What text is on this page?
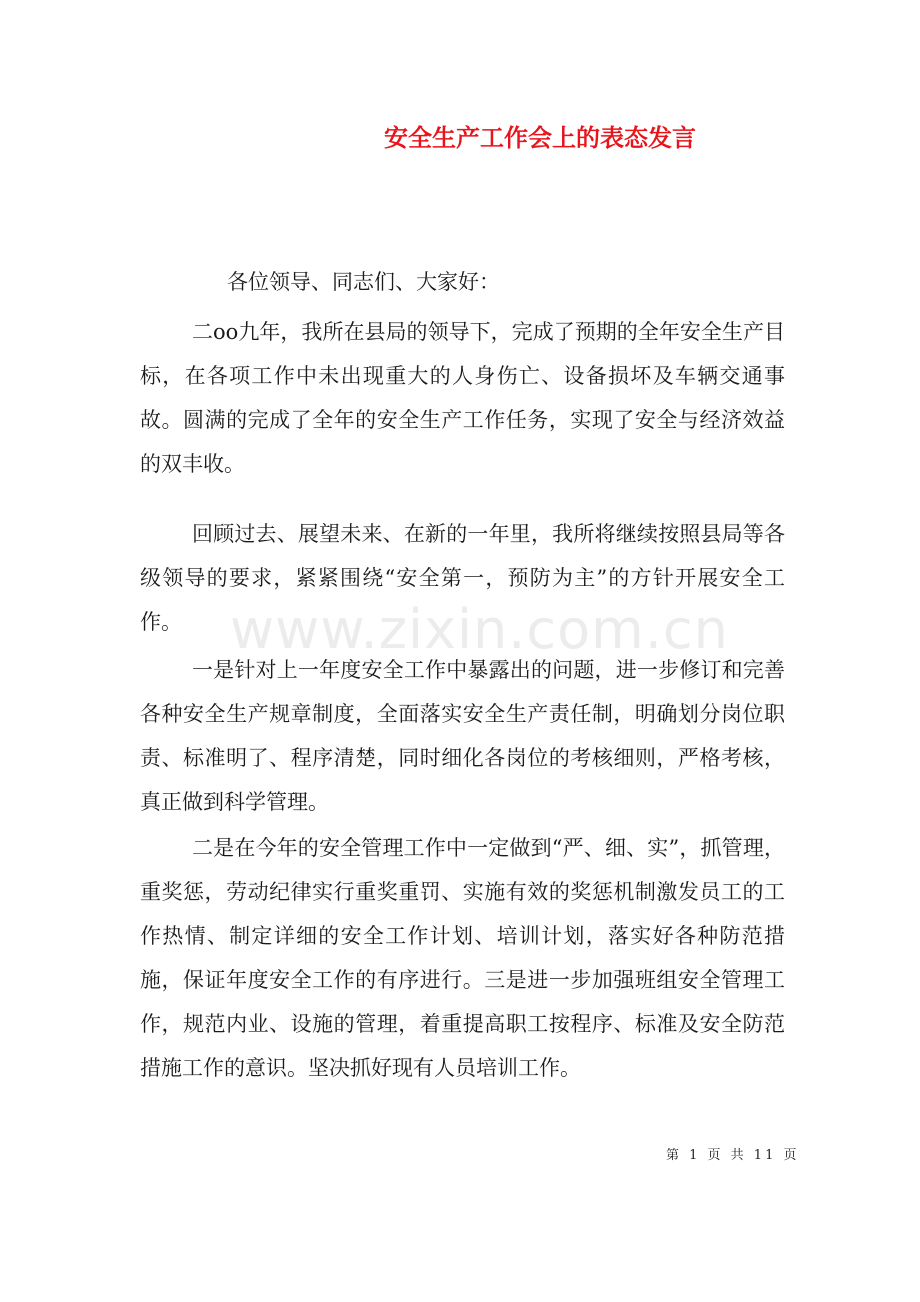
安全生产工作会上的表态发言
各位领导、同志们、大家好：

二oo九年，我所在县局的领导下，完成了预期的全年安全生产目标，在各项工作中未出现重大的人身伤亡、设备损坏及车辆交通事故。圆满的完成了全年的安全生产工作任务，实现了安全与经济效益的双丰收。

回顾过去、展望未来、在新的一年里，我所将继续按照县局等各级领导的要求，紧紧围绕“安全第一，预防为主”的方针开展安全工作。

一是针对上一年度安全工作中暴露出的问题，进一步修订和完善各种安全生产规章制度，全面落实安全生产责任制，明确划分岗位职责、标准明了、程序清楚，同时细化各岗位的考核细则，严格考核，真正做到科学管理。

二是在今年的安全管理工作中一定做到“严、细、实”，抓管理，重奖惩，劳动纪律实行重奖重罚、实施有效的奖惩机制激发员工的工作热情、制定详细的安全工作计划、培训计划，落实好各种防范措施，保证年度安全工作的有序进行。三是进一步加强班组安全管理工作，规范内业、设施的管理，着重提高职工按程序、标准及安全防范措施工作的意识。坚决抓好现有人员培训工作。

www.zixin.com.cn
第 1 页 共 11 页
